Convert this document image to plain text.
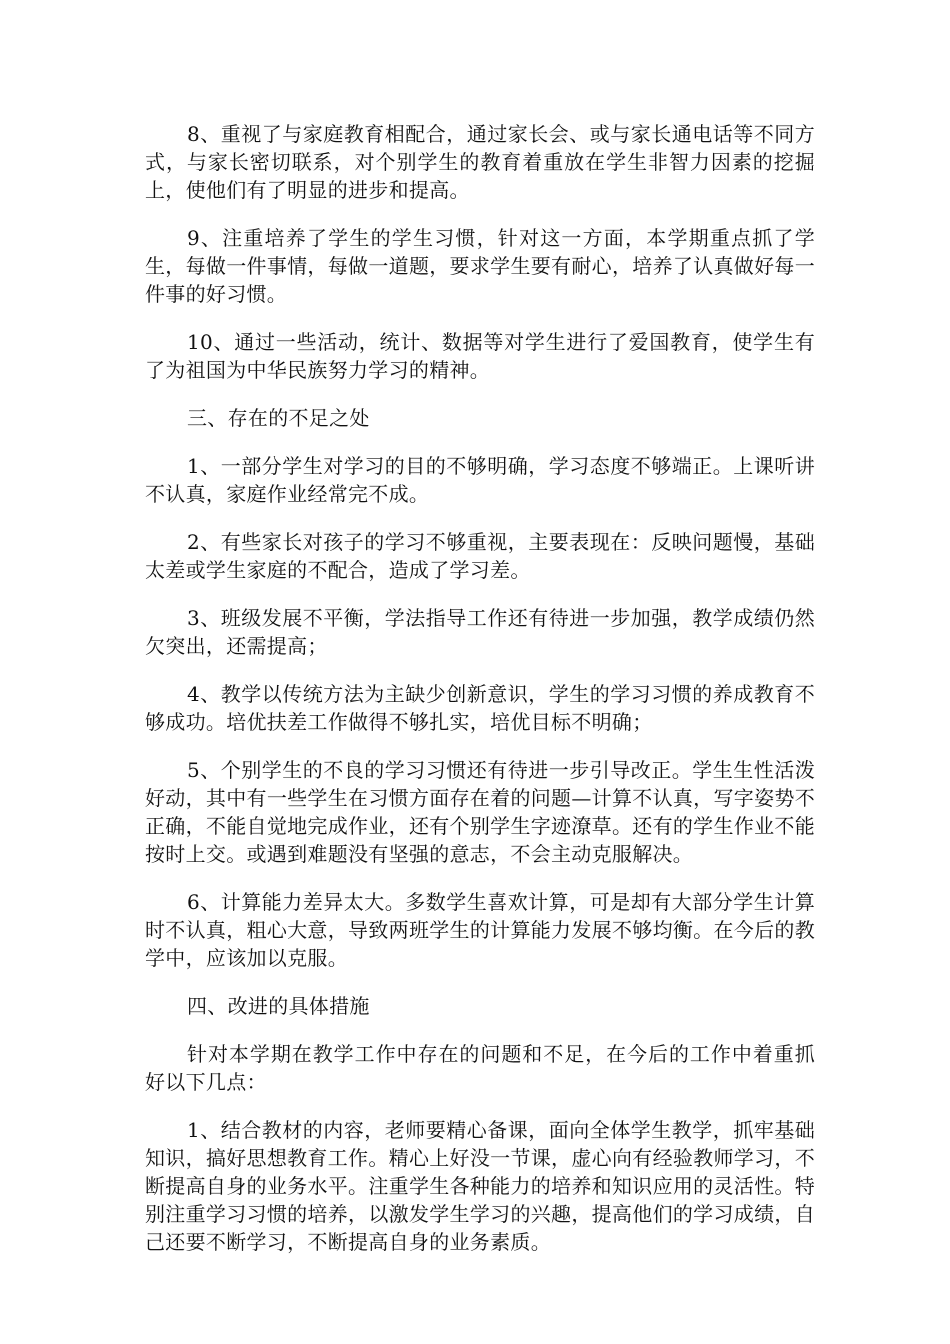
8、重视了与家庭教育相配合，通过家长会、或与家长通电话等不同方式，与家长密切联系，对个别学生的教育着重放在学生非智力因素的挖掘上，使他们有了明显的进步和提高。

9、注重培养了学生的学生习惯，针对这一方面，本学期重点抓了学生，每做一件事情，每做一道题，要求学生要有耐心，培养了认真做好每一件事的好习惯。

10、通过一些活动，统计、数据等对学生进行了爱国教育，使学生有了为祖国为中华民族努力学习的精神。

三、存在的不足之处

1、一部分学生对学习的目的不够明确，学习态度不够端正。上课听讲不认真，家庭作业经常完不成。

2、有些家长对孩子的学习不够重视，主要表现在：反映问题慢，基础太差或学生家庭的不配合，造成了学习差。

3、班级发展不平衡，学法指导工作还有待进一步加强，教学成绩仍然欠突出，还需提高；

4、教学以传统方法为主缺少创新意识，学生的学习习惯的养成教育不够成功。培优扶差工作做得不够扎实，培优目标不明确；

5、个别学生的不良的学习习惯还有待进一步引导改正。学生生性活泼好动，其中有一些学生在习惯方面存在着的问题—计算不认真，写字姿势不正确，不能自觉地完成作业，还有个别学生字迹潦草。还有的学生作业不能按时上交。或遇到难题没有坚强的意志，不会主动克服解决。

6、计算能力差异太大。多数学生喜欢计算，可是却有大部分学生计算时不认真，粗心大意，导致两班学生的计算能力发展不够均衡。在今后的教学中，应该加以克服。

四、改进的具体措施

针对本学期在教学工作中存在的问题和不足，在今后的工作中着重抓好以下几点：

1、结合教材的内容，老师要精心备课，面向全体学生教学，抓牢基础知识，搞好思想教育工作。精心上好没一节课，虚心向有经验教师学习，不断提高自身的业务水平。注重学生各种能力的培养和知识应用的灵活性。特别注重学习习惯的培养，以激发学生学习的兴趣，提高他们的学习成绩，自己还要不断学习，不断提高自身的业务素质。
